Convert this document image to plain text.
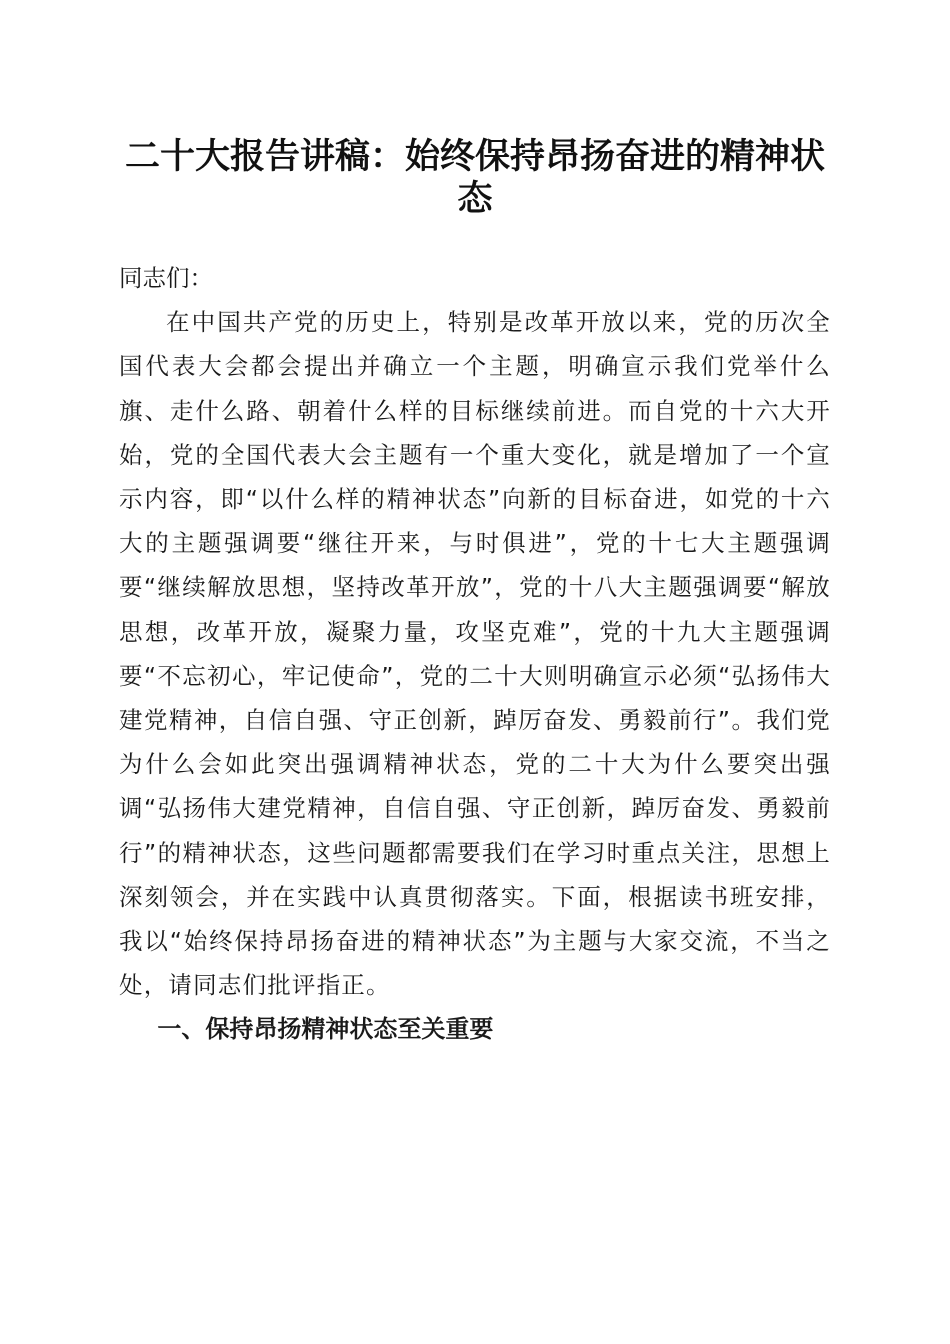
二十大报告讲稿：始终保持昂扬奋进的精神状态

同志们：

在中国共产党的历史上，特别是改革开放以来，党的历次全国代表大会都会提出并确立一个主题，明确宣示我们党举什么旗、走什么路、朝着什么样的目标继续前进。而自党的十六大开始，党的全国代表大会主题有一个重大变化，就是增加了一个宣示内容，即“以什么样的精神状态”向新的目标奋进，如党的十六大的主题强调要“继往开来，与时俱进”，党的十七大主题强调要“继续解放思想，坚持改革开放”，党的十八大主题强调要“解放思想，改革开放，凝聚力量，攻坚克难”，党的十九大主题强调要“不忘初心，牢记使命”，党的二十大则明确宣示必须“弘扬伟大建党精神，自信自强、守正创新，踔厉奋发、勇毅前行”。我们党为什么会如此突出强调精神状态，党的二十大为什么要突出强调“弘扬伟大建党精神，自信自强、守正创新，踔厉奋发、勇毅前行”的精神状态，这些问题都需要我们在学习时重点关注，思想上深刻领会，并在实践中认真贯彻落实。下面，根据读书班安排，我以“始终保持昂扬奋进的精神状态”为主题与大家交流，不当之处，请同志们批评指正。

一、保持昂扬精神状态至关重要
